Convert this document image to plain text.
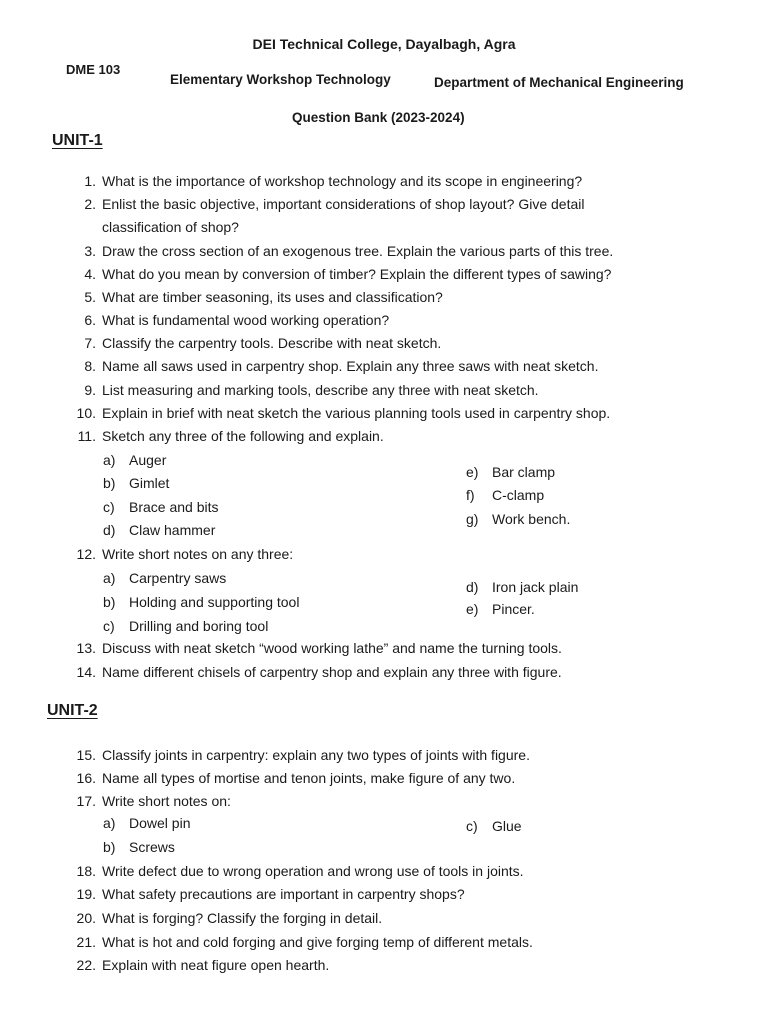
DEI Technical College, Dayalbagh, Agra
DME 103
Elementary Workshop Technology	Department of Mechanical Engineering
Question Bank (2023-2024)
UNIT-1
1. What is the importance of workshop technology and its scope in engineering?
2. Enlist the basic objective, important considerations of shop layout? Give detail
classification of shop?
3. Draw the cross section of an exogenous tree. Explain the various parts of this tree.
4. What do you mean by conversion of timber? Explain the different types of sawing?
5. What are timber seasoning, its uses and classification?
6. What is fundamental wood working operation?
7. Classify the carpentry tools. Describe with neat sketch.
8. Name all saws used in carpentry shop. Explain any three saws with neat sketch.
9. List measuring and marking tools, describe any three with neat sketch.
10. Explain in brief with neat sketch the various planning tools used in carpentry shop.
11. Sketch any three of the following and explain.
a) Auger
b) Gimlet
c) Brace and bits
d) Claw hammer
e) Bar clamp
f) C-clamp
g) Work bench.
12. Write short notes on any three:
a) Carpentry saws
b) Holding and supporting tool
c) Drilling and boring tool
d) Iron jack plain
e) Pincer.
13. Discuss with neat sketch “wood working lathe” and name the turning tools.
14. Name different chisels of carpentry shop and explain any three with figure.
UNIT-2
15. Classify joints in carpentry: explain any two types of joints with figure.
16. Name all types of mortise and tenon joints, make figure of any two.
17. Write short notes on:
a) Dowel pin
b) Screws
c) Glue
18. Write defect due to wrong operation and wrong use of tools in joints.
19. What safety precautions are important in carpentry shops?
20. What is forging? Classify the forging in detail.
21. What is hot and cold forging and give forging temp of different metals.
22. Explain with neat figure open hearth.
